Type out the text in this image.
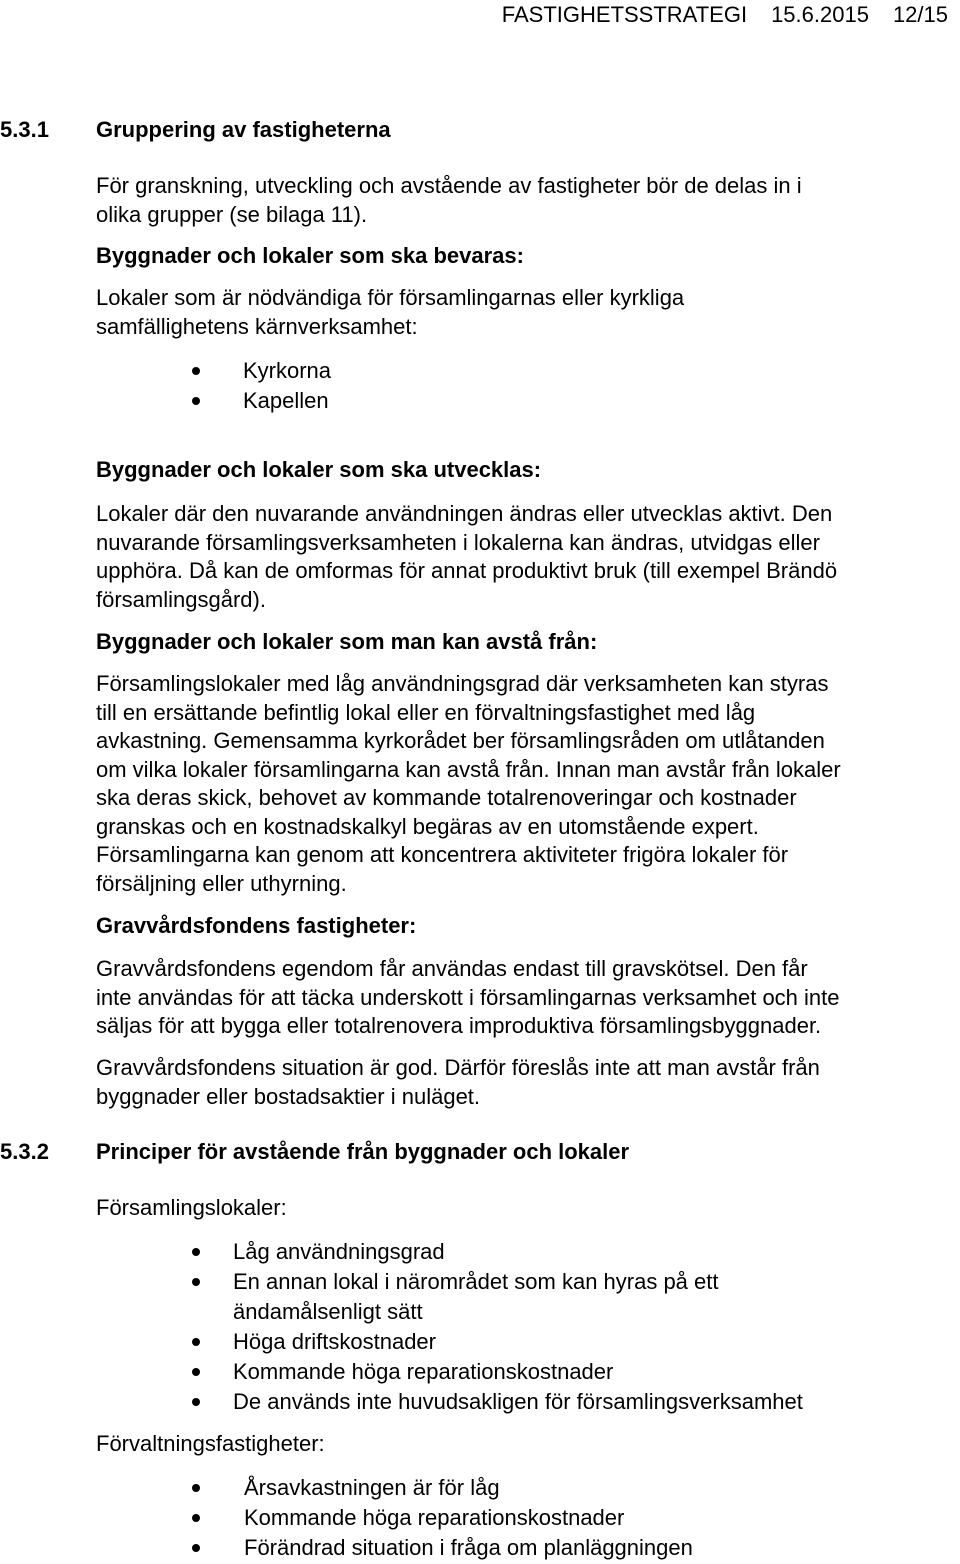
FASTIGHETSSTRATEGI 15.6.2015 12/15
5.3.1 Gruppering av fastigheterna
För granskning, utveckling och avstående av fastigheter bör de delas in i
olika grupper (se bilaga 11).
Byggnader och lokaler som ska bevaras:
Lokaler som är nödvändiga för församlingarnas eller kyrkliga
samfällighetens kärnverksamhet:
Kyrkorna
Kapellen
Byggnader och lokaler som ska utvecklas:
Lokaler där den nuvarande användningen ändras eller utvecklas aktivt. Den
nuvarande församlingsverksamheten i lokalerna kan ändras, utvidgas eller
upphöra. Då kan de omformas för annat produktivt bruk (till exempel Brändö
församlingsgård).
Byggnader och lokaler som man kan avstå från:
Församlingslokaler med låg användningsgrad där verksamheten kan styras
till en ersättande befintlig lokal eller en förvaltningsfastighet med låg
avkastning. Gemensamma kyrkorådet ber församlingsråden om utlåtanden
om vilka lokaler församlingarna kan avstå från. Innan man avstår från lokaler
ska deras skick, behovet av kommande totalrenoveringar och kostnader
granskas och en kostnadskalkyl begäras av en utomstående expert.
Församlingarna kan genom att koncentrera aktiviteter frigöra lokaler för
försäljning eller uthyrning.
Gravvårdsfondens fastigheter:
Gravvårdsfondens egendom får användas endast till gravskötsel. Den får
inte användas för att täcka underskott i församlingarnas verksamhet och inte
säljas för att bygga eller totalrenovera improduktiva församlingsbyggnader.
Gravvårdsfondens situation är god. Därför föreslås inte att man avstår från
byggnader eller bostadsaktier i nuläget.
5.3.2 Principer för avstående från byggnader och lokaler
Församlingslokaler:
Låg användningsgrad
En annan lokal i närområdet som kan hyras på ett
ändamålsenligt sätt
Höga driftskostnader
Kommande höga reparationskostnader
De används inte huvudsakligen för församlingsverksamhet
Förvaltningsfastigheter:
Årsavkastningen är för låg
Kommande höga reparationskostnader
Förändrad situation i fråga om planläggningen
